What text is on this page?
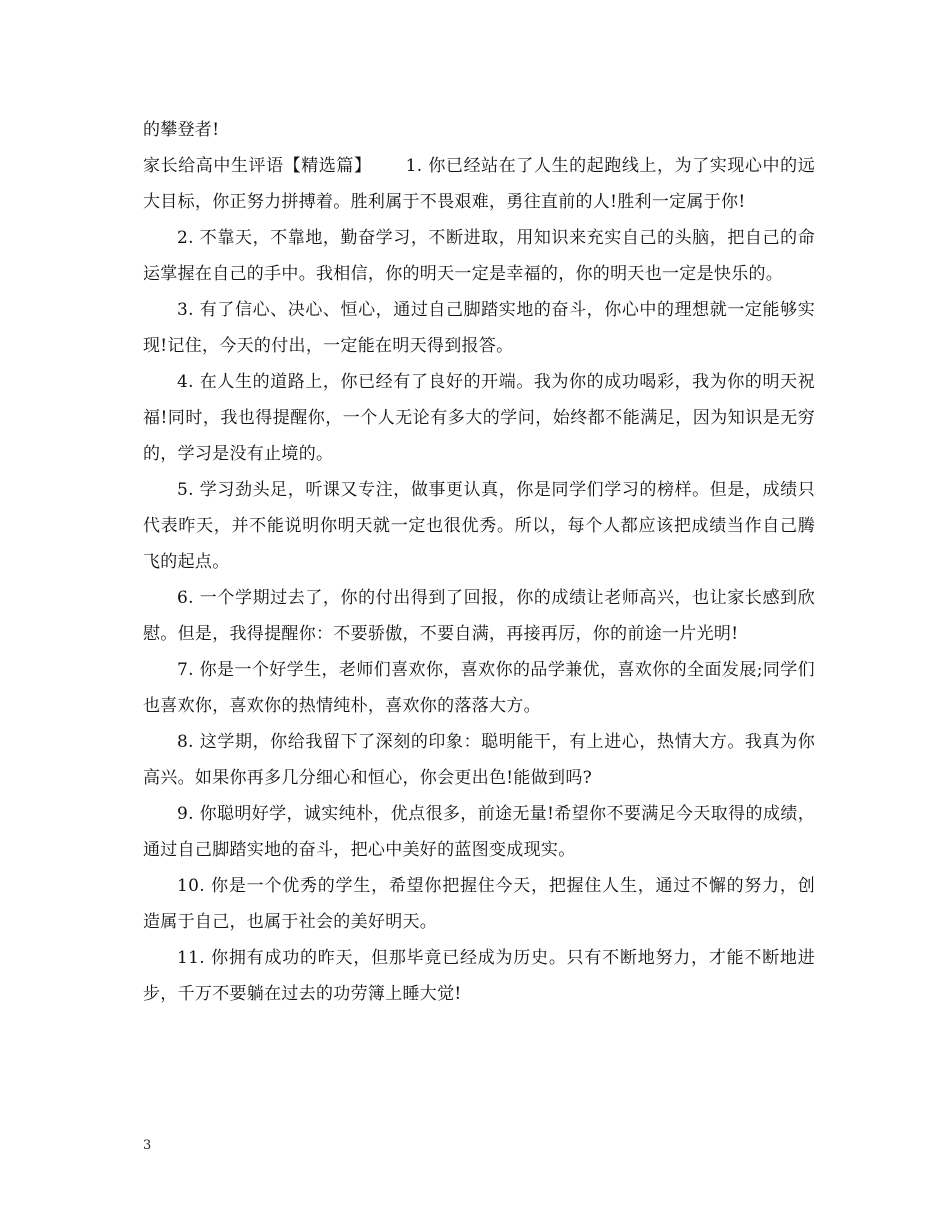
的攀登者!

家长给高中生评语【精选篇】 1. 你已经站在了人生的起跑线上，为了实现心中的远大目标，你正努力拼搏着。胜利属于不畏艰难，勇往直前的人!胜利一定属于你!

2. 不靠天，不靠地，勤奋学习，不断进取，用知识来充实自己的头脑，把自己的命运掌握在自己的手中。我相信，你的明天一定是幸福的，你的明天也一定是快乐的。

3. 有了信心、决心、恒心，通过自己脚踏实地的奋斗，你心中的理想就一定能够实现!记住，今天的付出，一定能在明天得到报答。

4. 在人生的道路上，你已经有了良好的开端。我为你的成功喝彩，我为你的明天祝福!同时，我也得提醒你，一个人无论有多大的学问，始终都不能满足，因为知识是无穷的，学习是没有止境的。

5. 学习劲头足，听课又专注，做事更认真，你是同学们学习的榜样。但是，成绩只代表昨天，并不能说明你明天就一定也很优秀。所以，每个人都应该把成绩当作自己腾飞的起点。

6. 一个学期过去了，你的付出得到了回报，你的成绩让老师高兴，也让家长感到欣慰。但是，我得提醒你：不要骄傲，不要自满，再接再厉，你的前途一片光明!

7. 你是一个好学生，老师们喜欢你，喜欢你的品学兼优，喜欢你的全面发展;同学们也喜欢你，喜欢你的热情纯朴，喜欢你的落落大方。

8. 这学期，你给我留下了深刻的印象：聪明能干，有上进心，热情大方。我真为你高兴。如果你再多几分细心和恒心，你会更出色!能做到吗?

9. 你聪明好学，诚实纯朴，优点很多，前途无量!希望你不要满足今天取得的成绩，通过自己脚踏实地的奋斗，把心中美好的蓝图变成现实。

10. 你是一个优秀的学生，希望你把握住今天，把握住人生，通过不懈的努力，创造属于自己，也属于社会的美好明天。

11. 你拥有成功的昨天，但那毕竟已经成为历史。只有不断地努力，才能不断地进步，千万不要躺在过去的功劳簿上睡大觉!

3
